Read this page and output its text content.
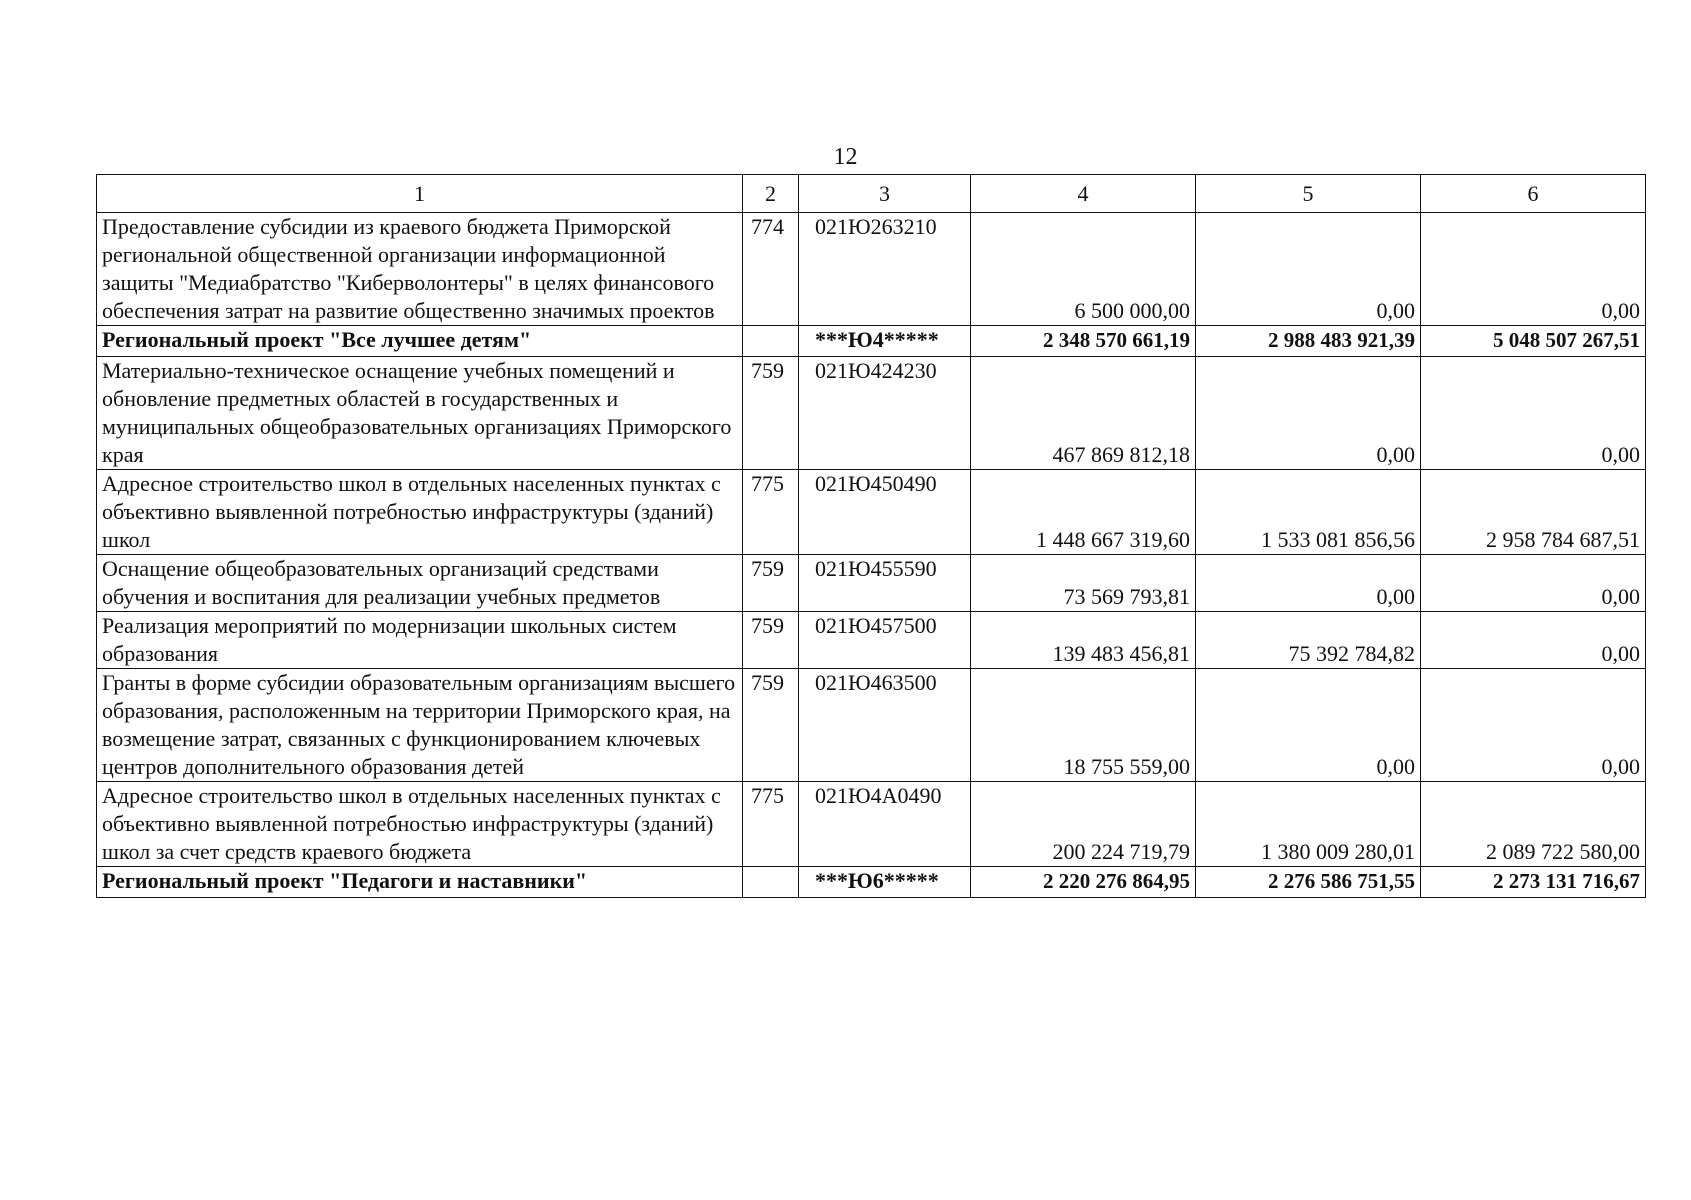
12
1	2	3	4	5	6
Предоставление субсидии из краевого бюджета Приморской региональной общественной организации информационной защиты "Медиабратство "Киберволонтеры" в целях финансового обеспечения затрат на развитие общественно значимых проектов	774	021Ю263210	6 500 000,00	0,00	0,00
Региональный проект "Все лучшее детям"		***Ю4*****	2 348 570 661,19	2 988 483 921,39	5 048 507 267,51
Материально-техническое оснащение учебных помещений и обновление предметных областей в государственных и муниципальных общеобразовательных организациях Приморского края	759	021Ю424230	467 869 812,18	0,00	0,00
Адресное строительство школ в отдельных населенных пунктах с объективно выявленной потребностью инфраструктуры (зданий) школ	775	021Ю450490	1 448 667 319,60	1 533 081 856,56	2 958 784 687,51
Оснащение общеобразовательных организаций средствами обучения и воспитания для реализации учебных предметов	759	021Ю455590	73 569 793,81	0,00	0,00
Реализация мероприятий по модернизации школьных систем образования	759	021Ю457500	139 483 456,81	75 392 784,82	0,00
Гранты в форме субсидии образовательным организациям высшего образования, расположенным на территории Приморского края, на возмещение затрат, связанных с функционированием ключевых центров дополнительного образования детей	759	021Ю463500	18 755 559,00	0,00	0,00
Адресное строительство школ в отдельных населенных пунктах с объективно выявленной потребностью инфраструктуры (зданий) школ за счет средств краевого бюджета	775	021Ю4А0490	200 224 719,79	1 380 009 280,01	2 089 722 580,00
Региональный проект "Педагоги и наставники"		***Ю6*****	2 220 276 864,95	2 276 586 751,55	2 273 131 716,67
